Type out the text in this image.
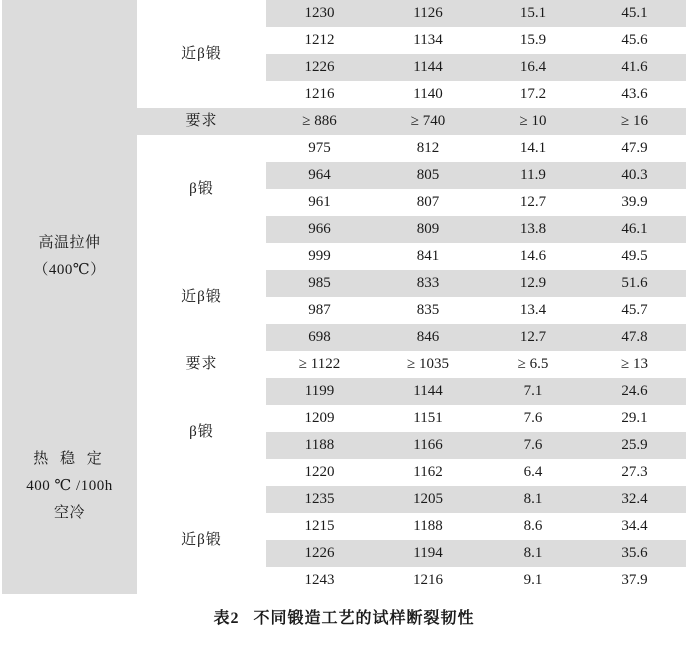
	近β锻	1230	1126	15.1	45.1
		1212	1134	15.9	45.6
		1226	1144	16.4	41.6
		1216	1140	17.2	43.6
	要求	≥ 886	≥ 740	≥ 10	≥ 16

高温拉伸
（400℃）	β锻	975	812	14.1	47.9
		964	805	11.9	40.3
		961	807	12.7	39.9
		966	809	13.8	46.1
	近β锻	999	841	14.6	49.5
		985	833	12.9	51.6
		987	835	13.4	45.7
		698	846	12.7	47.8
	要求	≥ 1122	≥ 1035	≥ 6.5	≥ 13

热 稳 定
400 ℃ /100h
空冷	β锻	1199	1144	7.1	24.6
		1209	1151	7.6	29.1
		1188	1166	7.6	25.9
		1220	1162	6.4	27.3
	近β锻	1235	1205	8.1	32.4
		1215	1188	8.6	34.4
		1226	1194	8.1	35.6
		1243	1216	9.1	37.9
表2 不同锻造工艺的试样断裂韧性
